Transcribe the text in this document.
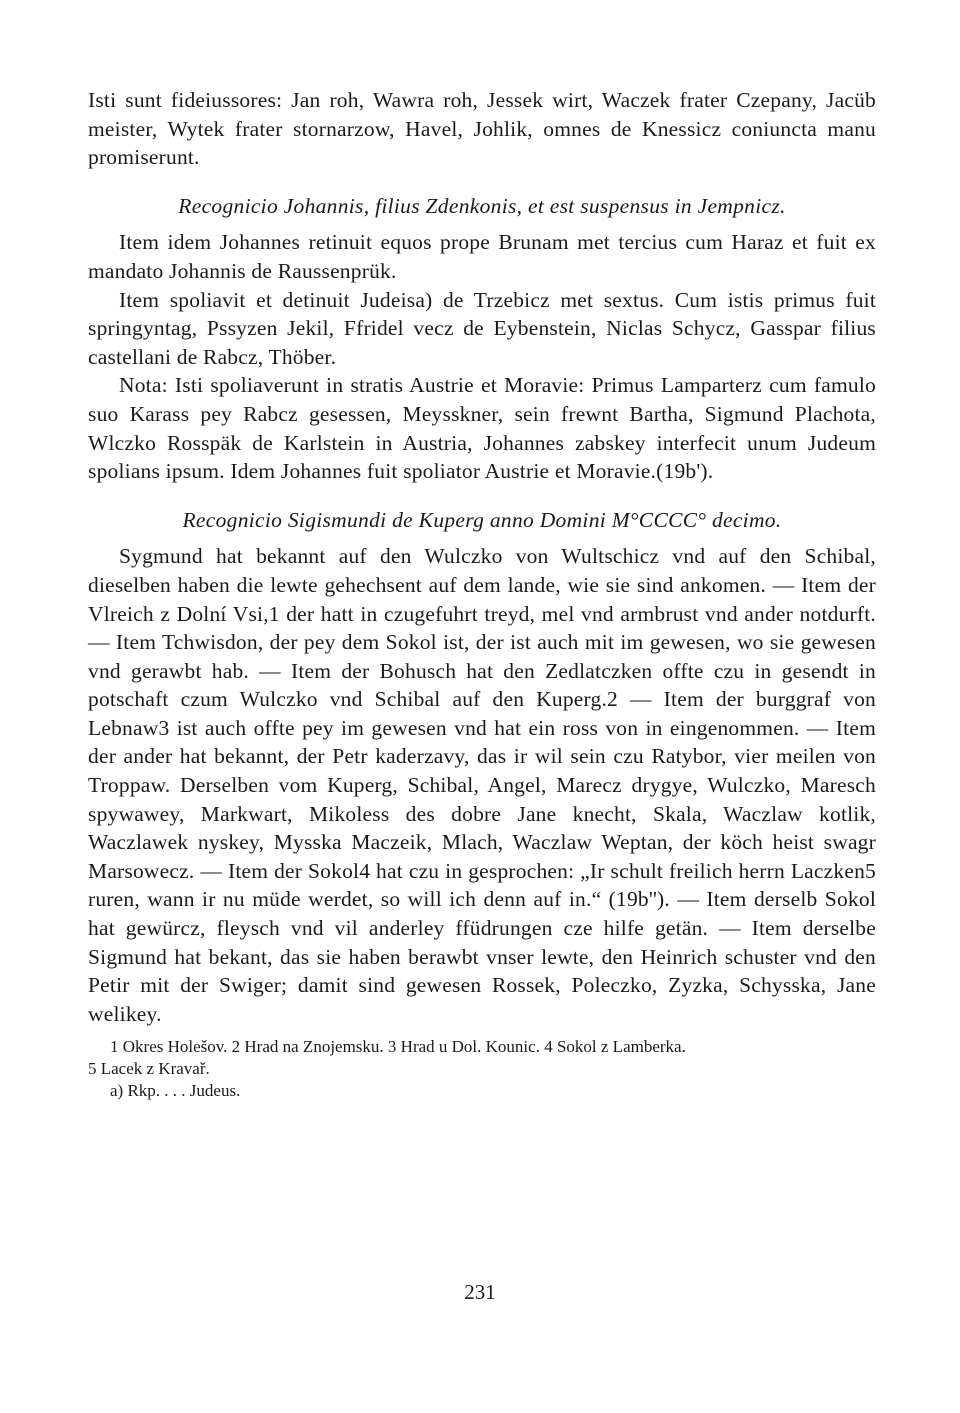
Isti sunt fideiussores: Jan roh, Wawra roh, Jessek wirt, Waczek frater Czepany, Jacüb meister, Wytek frater stornarzow, Havel, Johlik, omnes de Knessicz coniuncta manu promiserunt.

Recognicio Johannis, filius Zdenkonis, et est suspensus in Jempnicz.

Item idem Johannes retinuit equos prope Brunam met tercius cum Haraz et fuit ex mandato Johannis de Raussenprük.

Item spoliavit et detinuit Judeisa) de Trzebicz met sextus. Cum istis primus fuit springyntag, Pssyzen Jekil, Ffridel vecz de Eybenstein, Niclas Schycz, Gasspar filius castellani de Rabcz, Thöber.

Nota: Isti spoliaverunt in stratis Austrie et Moravie: Primus Lamparterz cum famulo suo Karass pey Rabcz gesessen, Meysskner, sein frewnt Bartha, Sigmund Plachota, Wlczko Rosspäk de Karlstein in Austria, Johannes zabskey interfecit unum Judeum spolians ipsum. Idem Johannes fuit spoliator Austrie et Moravie.(19b').

Recognicio Sigismundi de Kuperg anno Domini M°CCCC° decimo.

Sygmund hat bekannt auf den Wulczko von Wultschicz vnd auf den Schibal, dieselben haben die lewte gehechsent auf dem lande, wie sie sind ankomen. — Item der Vlreich z Dolní Vsi,1 der hatt in czugefuhrt treyd, mel vnd armbrust vnd ander notdurft. — Item Tchwisdon, der pey dem Sokol ist, der ist auch mit im gewesen, wo sie gewesen vnd gerawbt hab. — Item der Bohusch hat den Zedlatczken offte czu in gesendt in potschaft czum Wulczko vnd Schibal auf den Kuperg.2 — Item der burggraf von Lebnaw3 ist auch offte pey im gewesen vnd hat ein ross von in eingenommen. — Item der ander hat bekannt, der Petr kaderzavy, das ir wil sein czu Ratybor, vier meilen von Troppaw. Derselben vom Kuperg, Schibal, Angel, Marecz drygye, Wulczko, Maresch spywawey, Markwart, Mikoless des dobre Jane knecht, Skala, Waczlaw kotlik, Waczlawek nyskey, Mysska Maczeik, Mlach, Waczlaw Weptan, der köch heist swagr Marsowecz. — Item der Sokol4 hat czu in gesprochen: „Ir schult freilich herrn Laczken5 ruren, wann ir nu müde werdet, so will ich denn auf in.“ (19b''). — Item derselb Sokol hat gewürcz, fleysch vnd vil anderley ffüdrungen cze hilfe getän. — Item derselbe Sigmund hat bekant, das sie haben berawbt vnser lewte, den Heinrich schuster vnd den Petir mit der Swiger; damit sind gewesen Rossek, Poleczko, Zyzka, Schysska, Jane welikey.

1 Okres Holešov. 2 Hrad na Znojemsku. 3 Hrad u Dol. Kounic. 4 Sokol z Lamberka.

5 Lacek z Kravař.

a) Rkp. . . . Judeus.

231
